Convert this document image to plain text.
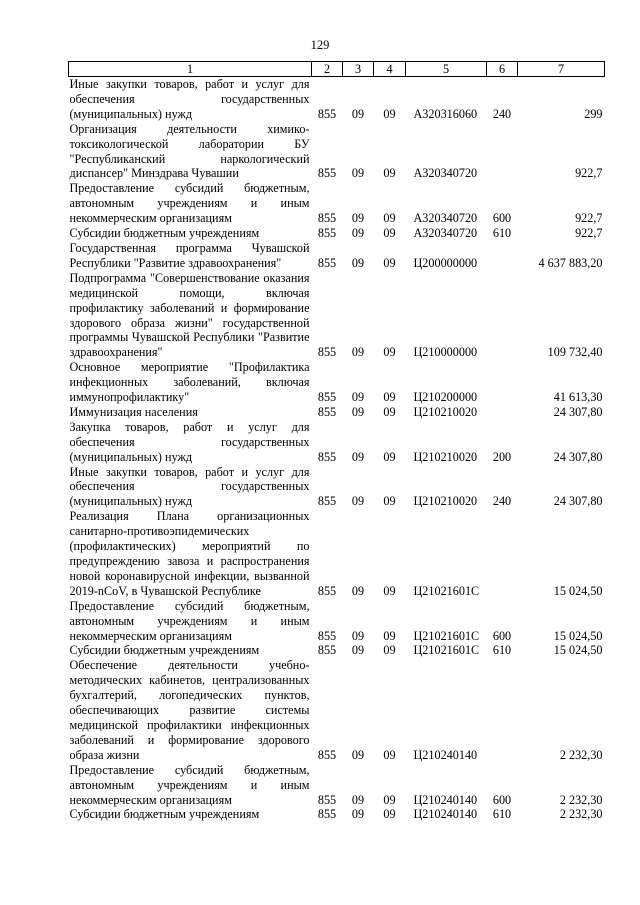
129
1	2	3	4	5	6	7
Иные закупки товаров, работ и услуг для обеспечения государственных (муниципальных) нужд	855	09	09	А320316060	240	299
Организация деятельности химико-токсикологической лаборатории БУ "Республиканский наркологический диспансер" Минздрава Чувашии	855	09	09	А320340720		922,7
Предоставление субсидий бюджетным, автономным учреждениям и иным некоммерческим организациям	855	09	09	А320340720	600	922,7
Субсидии бюджетным учреждениям	855	09	09	А320340720	610	922,7
Государственная программа Чувашской Республики "Развитие здравоохранения"	855	09	09	Ц200000000		4 637 883,20
Подпрограмма "Совершенствование оказания медицинской помощи, включая профилактику заболеваний и формирование здорового образа жизни" государственной программы Чувашской Республики "Развитие здравоохранения"	855	09	09	Ц210000000		109 732,40
Основное мероприятие "Профилактика инфекционных заболеваний, включая иммунопрофилактику"	855	09	09	Ц210200000		41 613,30
Иммунизация населения	855	09	09	Ц210210020		24 307,80
Закупка товаров, работ и услуг для обеспечения государственных (муниципальных) нужд	855	09	09	Ц210210020	200	24 307,80
Иные закупки товаров, работ и услуг для обеспечения государственных (муниципальных) нужд	855	09	09	Ц210210020	240	24 307,80
Реализация Плана организационных санитарно-противоэпидемических (профилактических) мероприятий по предупреждению завоза и распространения новой коронавирусной инфекции, вызванной 2019-nCoV, в Чувашской Республике	855	09	09	Ц21021601С		15 024,50
Предоставление субсидий бюджетным, автономным учреждениям и иным некоммерческим организациям	855	09	09	Ц21021601С	600	15 024,50
Субсидии бюджетным учреждениям	855	09	09	Ц21021601С	610	15 024,50
Обеспечение деятельности учебно-методических кабинетов, централизованных бухгалтерий, логопедических пунктов, обеспечивающих развитие системы медицинской профилактики инфекционных заболеваний и формирование здорового образа жизни	855	09	09	Ц210240140		2 232,30
Предоставление субсидий бюджетным, автономным учреждениям и иным некоммерческим организациям	855	09	09	Ц210240140	600	2 232,30
Субсидии бюджетным учреждениям	855	09	09	Ц210240140	610	2 232,30
